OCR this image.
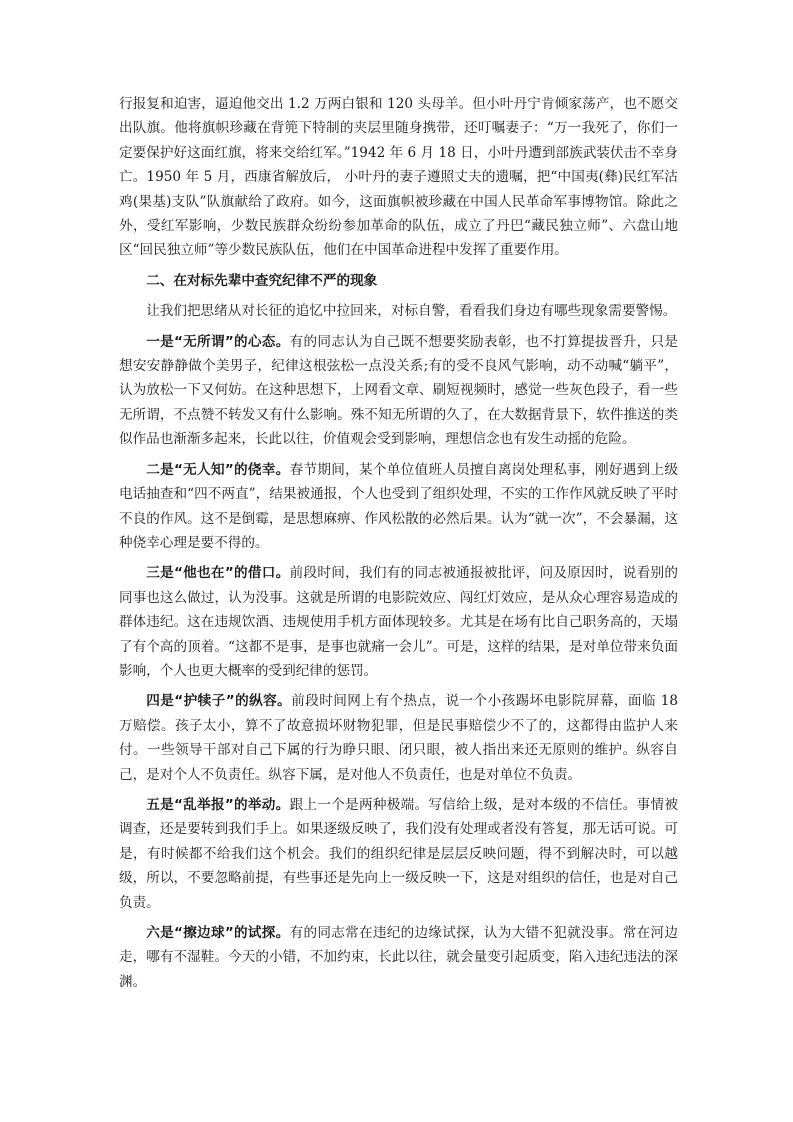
行报复和迫害，逼迫他交出 1.2 万两白银和 120 头母羊。但小叶丹宁肯倾家荡产，也不愿交出队旗。他将旗帜珍藏在背篼下特制的夹层里随身携带，还叮嘱妻子：“万一我死了，你们一定要保护好这面红旗，将来交给红军。”1942 年 6 月 18 日，小叶丹遭到部族武装伏击不幸身亡。1950 年 5 月，西康省解放后， 小叶丹的妻子遵照丈夫的遗嘱，把“中国夷(彝)民红军沽鸡(果基)支队”队旗献给了政府。如今，这面旗帜被珍藏在中国人民革命军事博物馆。除此之外，受红军影响，少数民族群众纷纷参加革命的队伍，成立了丹巴“藏民独立师”、六盘山地区“回民独立师”等少数民族队伍，他们在中国革命进程中发挥了重要作用。

二、在对标先辈中查究纪律不严的现象

让我们把思绪从对长征的追忆中拉回来，对标自警，看看我们身边有哪些现象需要警惕。

一是“无所谓”的心态。有的同志认为自己既不想要奖励表彰，也不打算提拔晋升，只是想安安静静做个美男子，纪律这根弦松一点没关系;有的受不良风气影响，动不动喊“躺平”，认为放松一下又何妨。在这种思想下，上网看文章、刷短视频时，感觉一些灰色段子，看一些无所谓，不点赞不转发又有什么影响。殊不知无所谓的久了，在大数据背景下，软件推送的类似作品也渐渐多起来，长此以往，价值观会受到影响，理想信念也有发生动摇的危险。

二是“无人知”的侥幸。春节期间，某个单位值班人员擅自离岗处理私事，刚好遇到上级电话抽查和“四不两直”，结果被通报，个人也受到了组织处理，不实的工作作风就反映了平时不良的作风。这不是倒霉，是思想麻痹、作风松散的必然后果。认为“就一次”，不会暴漏，这种侥幸心理是要不得的。

三是“他也在”的借口。前段时间，我们有的同志被通报被批评，问及原因时，说看别的同事也这么做过，认为没事。这就是所谓的电影院效应、闯红灯效应，是从众心理容易造成的群体违纪。这在违规饮酒、违规使用手机方面体现较多。尤其是在场有比自己职务高的，天塌了有个高的顶着。“这都不是事，是事也就痛一会儿”。可是，这样的结果，是对单位带来负面影响，个人也更大概率的受到纪律的惩罚。

四是“护犊子”的纵容。前段时间网上有个热点，说一个小孩踢坏电影院屏幕，面临 18 万赔偿。孩子太小，算不了故意损坏财物犯罪，但是民事赔偿少不了的，这都得由监护人来付。一些领导干部对自己下属的行为睁只眼、闭只眼，被人指出来还无原则的维护。纵容自己，是对个人不负责任。纵容下属，是对他人不负责任，也是对单位不负责。

五是“乱举报”的举动。跟上一个是两种极端。写信给上级，是对本级的不信任。事情被调查，还是要转到我们手上。如果逐级反映了，我们没有处理或者没有答复，那无话可说。可是，有时候都不给我们这个机会。我们的组织纪律是层层反映问题，得不到解决时，可以越级，所以，不要忽略前提，有些事还是先向上一级反映一下，这是对组织的信任，也是对自己负责。

六是“擦边球”的试探。有的同志常在违纪的边缘试探，认为大错不犯就没事。常在河边走，哪有不湿鞋。今天的小错，不加约束，长此以往，就会量变引起质变，陷入违纪违法的深渊。
